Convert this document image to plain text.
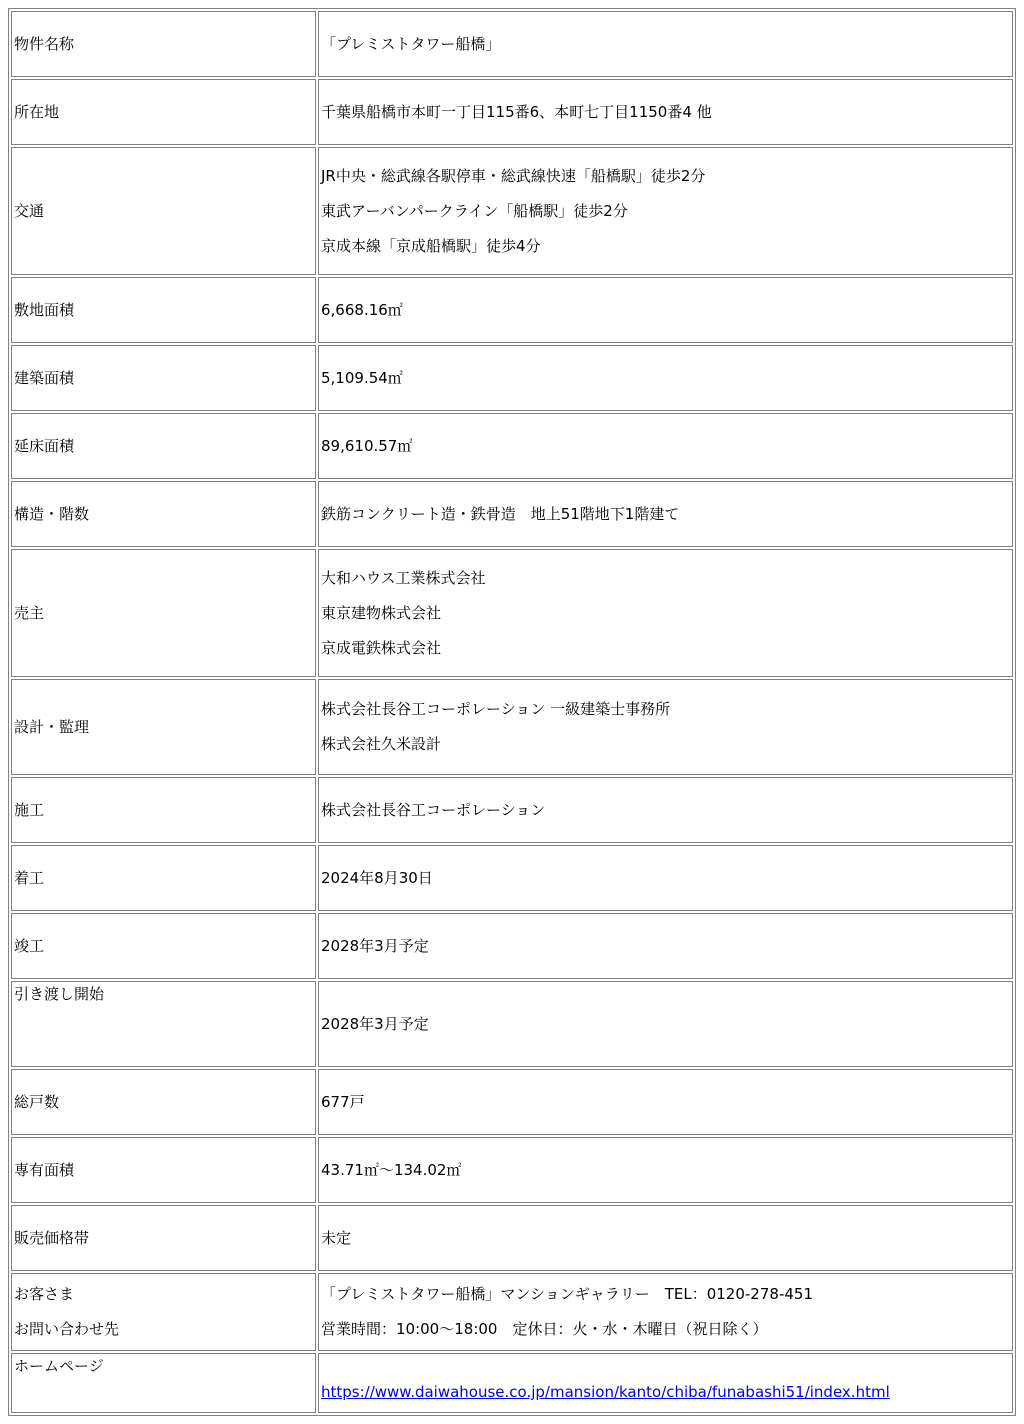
物件名称	「プレミストタワー船橋」

所在地	千葉県船橋市本町一丁目115番6、本町七丁目1150番4 他

交通	JR中央・総武線各駅停車・総武線快速「船橋駅」徒歩2分
東武アーバンパークライン「船橋駅」徒歩2分
京成本線「京成船橋駅」徒歩4分

敷地面積	6,668.16㎡

建築面積	5,109.54㎡

延床面積	89,610.57㎡

構造・階数	鉄筋コンクリート造・鉄骨造　地上51階地下1階建て

売主	大和ハウス工業株式会社
東京建物株式会社
京成電鉄株式会社

設計・監理	株式会社長谷工コーポレーション 一級建築士事務所
株式会社久米設計

施工	株式会社長谷工コーポレーション

着工	2024年8月30日

竣工	2028年3月予定

引き渡し開始	2028年3月予定

総戸数	677戸

専有面積	43.71㎡～134.02㎡

販売価格帯	未定

お客さま
お問い合わせ先	「プレミストタワー船橋」マンションギャラリー　TEL：0120-278-451
営業時間：10:00～18:00　定休日：火・水・木曜日（祝日除く）

ホームページ	https://www.daiwahouse.co.jp/mansion/kanto/chiba/funabashi51/index.html
